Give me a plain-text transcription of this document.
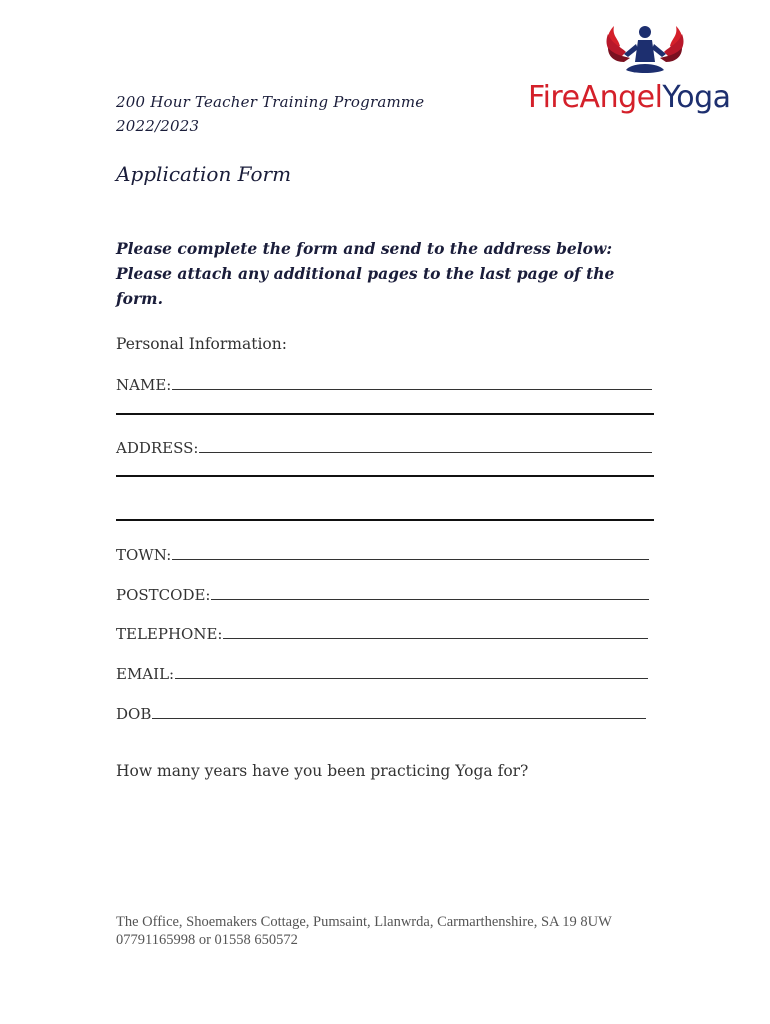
200 Hour Teacher Training Programme
2022/2023
FireAngelYoga
Application Form
Please complete the form and send to the address below:
Please attach any additional pages to the last page of the
form.
Personal Information:
NAME:
ADDRESS:
TOWN:
POSTCODE:
TELEPHONE:
EMAIL:
DOB
How many years have you been practicing Yoga for?
The Office, Shoemakers Cottage, Pumsaint, Llanwrda, Carmarthenshire, SA 19 8UW
07791165998 or 01558 650572
